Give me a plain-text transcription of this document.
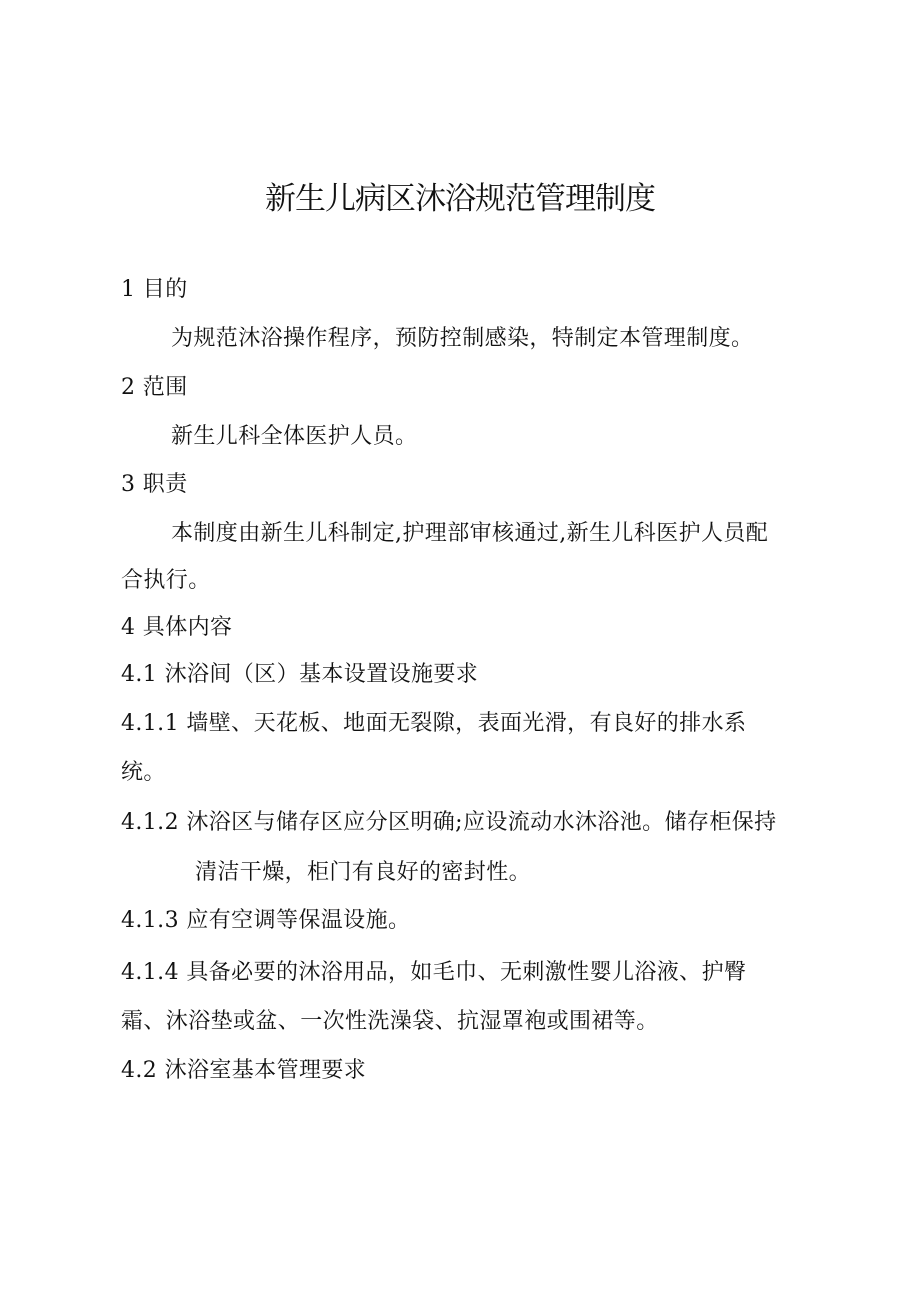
新生儿病区沐浴规范管理制度
1 目的
为规范沐浴操作程序，预防控制感染，特制定本管理制度。
2 范围
新生儿科全体医护人员。
3 职责
本制度由新生儿科制定,护理部审核通过,新生儿科医护人员配
合执行。
4 具体内容
4.1 沐浴间（区）基本设置设施要求
4.1.1 墙壁、天花板、地面无裂隙，表面光滑，有良好的排水系
统。
4.1.2 沐浴区与储存区应分区明确;应设流动水沐浴池。储存柜保持
清洁干燥，柜门有良好的密封性。
4.1.3 应有空调等保温设施。
4.1.4 具备必要的沐浴用品，如毛巾、无刺激性婴儿浴液、护臀
霜、沐浴垫或盆、一次性洗澡袋、抗湿罩袍或围裙等。
4.2 沐浴室基本管理要求
